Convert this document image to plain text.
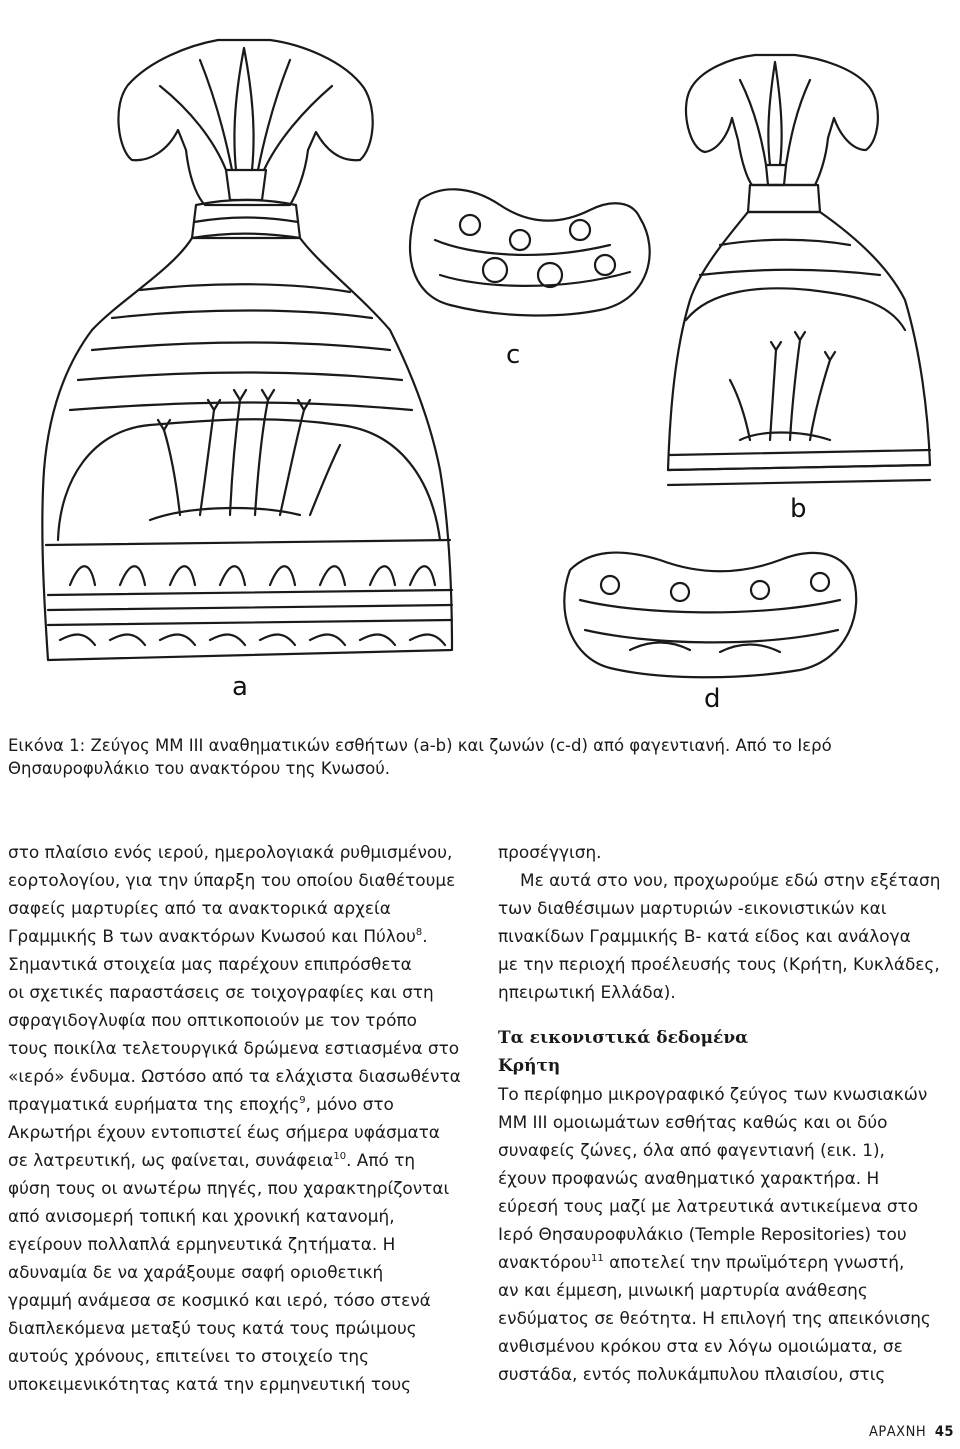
c
b
a	d

Εικόνα 1: Ζεύγος ΜΜ ΙΙΙ αναθηματικών εσθήτων (a-b) και ζωνών (c-d) από φαγεντιανή. Από το Ιερό Θησαυροφυλάκιο του ανακτόρου της Κνωσού.

στο πλαίσιο ενός ιερού, ημερολογιακά ρυθμισμένου,

εορτολογίου, για την ύπαρξη του οποίου διαθέτουμε

σαφείς μαρτυρίες από τα ανακτορικά αρχεία

Γραμμικής Β των ανακτόρων Κνωσού και Πύλου$^8$.

Σημαντικά στοιχεία μας παρέχουν επιπρόσθετα

οι σχετικές παραστάσεις σε τοιχογραφίες και στη

σφραγιδογλυφία που οπτικοποιούν με τον τρόπο

τους ποικίλα τελετουργικά δρώμενα εστιασμένα στο

«ιερό» ένδυμα. Ωστόσο από τα ελάχιστα διασωθέντα

πραγματικά ευρήματα της εποχής$^9$, μόνο στο

Ακρωτήρι έχουν εντοπιστεί έως σήμερα υφάσματα

σε λατρευτική, ως φαίνεται, συνάφεια$^{10}$. Από τη

φύση τους οι ανωτέρω πηγές, που χαρακτηρίζονται

από ανισομερή τοπική και χρονική κατανομή,

εγείρουν πολλαπλά ερμηνευτικά ζητήματα. Η

αδυναμία δε να χαράξουμε σαφή οριοθετική

γραμμή ανάμεσα σε κοσμικό και ιερό, τόσο στενά

διαπλεκόμενα μεταξύ τους κατά τους πρώιμους

αυτούς χρόνους, επιτείνει το στοιχείο της

υποκειμενικότητας κατά την ερμηνευτική τους

προσέγγιση.

Με αυτά στο νου, προχωρούμε εδώ στην εξέταση

των διαθέσιμων μαρτυριών -εικονιστικών και

πινακίδων Γραμμικής Β- κατά είδος και ανάλογα

με την περιοχή προέλευσής τους (Κρήτη, Κυκλάδες,

ηπειρωτική Ελλάδα).

Τα εικονιστικά δεδομένα

Κρήτη

Το περίφημο μικρογραφικό ζεύγος των κνωσιακών

ΜΜ ΙΙΙ ομοιωμάτων εσθήτας καθώς και οι δύο

συναφείς ζώνες, όλα από φαγεντιανή (εικ. 1),

έχουν προφανώς αναθηματικό χαρακτήρα. Η

εύρεσή τους μαζί με λατρευτικά αντικείμενα στο

Ιερό Θησαυροφυλάκιο (Temple Repositories) του

ανακτόρου$^{11}$ αποτελεί την πρωϊμότερη γνωστή,

αν και έμμεση, μινωική μαρτυρία ανάθεσης

ενδύματος σε θεότητα. Η επιλογή της απεικόνισης

ανθισμένου κρόκου στα εν λόγω ομοιώματα, σε

συστάδα, εντός πολυκάμπυλου πλαισίου, στις

ΑΡΑΧΝΗ 45
